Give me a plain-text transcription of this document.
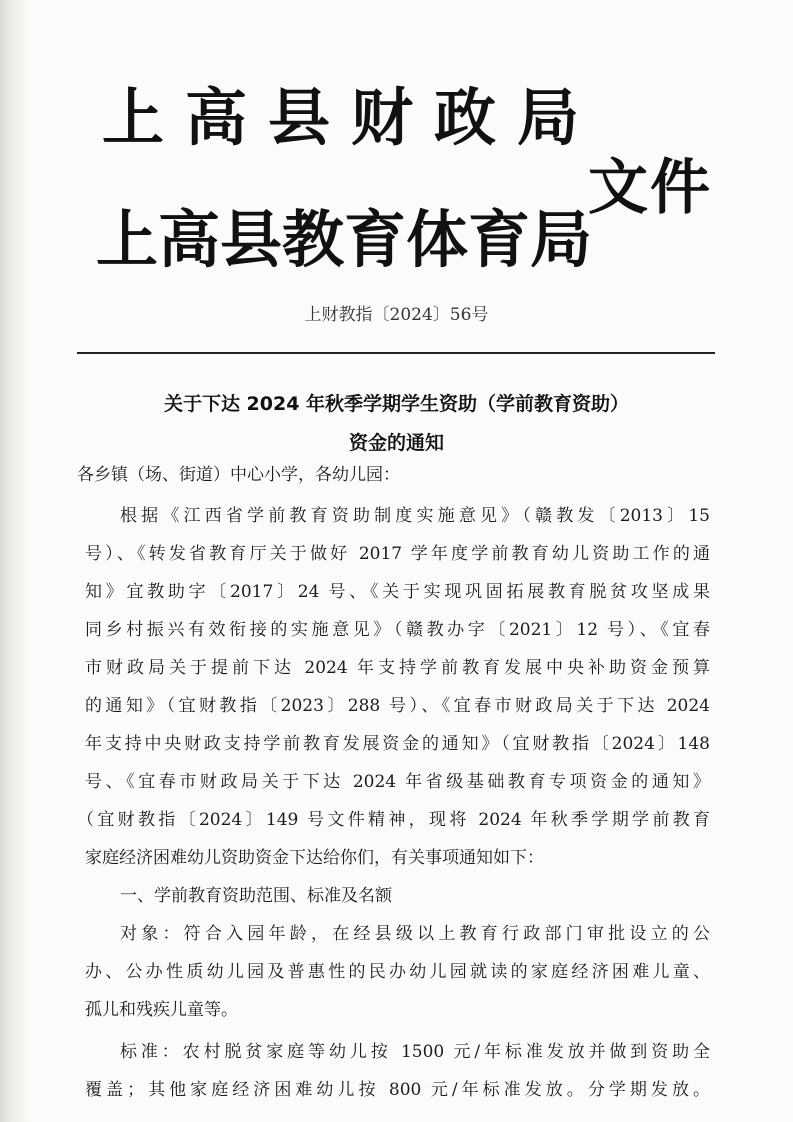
上高县财政局
文件
上高县教育体育局
上财教指〔2024〕56号
关于下达 2024 年秋季学期学生资助（学前教育资助）
资金的通知
各乡镇（场、街道）中心小学，各幼儿园：
根据《江西省学前教育资助制度实施意见》（赣教发〔2013〕15
号）、《转发省教育厅关于做好 2017 学年度学前教育幼儿资助工作的通
知》宜教助字〔2017〕24 号、《关于实现巩固拓展教育脱贫攻坚成果
同乡村振兴有效衔接的实施意见》（赣教办字〔2021〕12 号）、《宜春
市财政局关于提前下达 2024 年支持学前教育发展中央补助资金预算
的通知》（宜财教指〔2023〕288 号）、《宜春市财政局关于下达 2024
年支持中央财政支持学前教育发展资金的通知》（宜财教指〔2024〕148
号、《宜春市财政局关于下达 2024 年省级基础教育专项资金的通知》
（宜财教指〔2024〕149 号文件精神，现将 2024 年秋季学期学前教育
家庭经济困难幼儿资助资金下达给你们，有关事项通知如下：
一、学前教育资助范围、标准及名额
对象：符合入园年龄，在经县级以上教育行政部门审批设立的公
办、公办性质幼儿园及普惠性的民办幼儿园就读的家庭经济困难儿童、
孤儿和残疾儿童等。
标准：农村脱贫家庭等幼儿按 1500 元/年标准发放并做到资助全
覆盖；其他家庭经济困难幼儿按 800 元/年标准发放。分学期发放。
